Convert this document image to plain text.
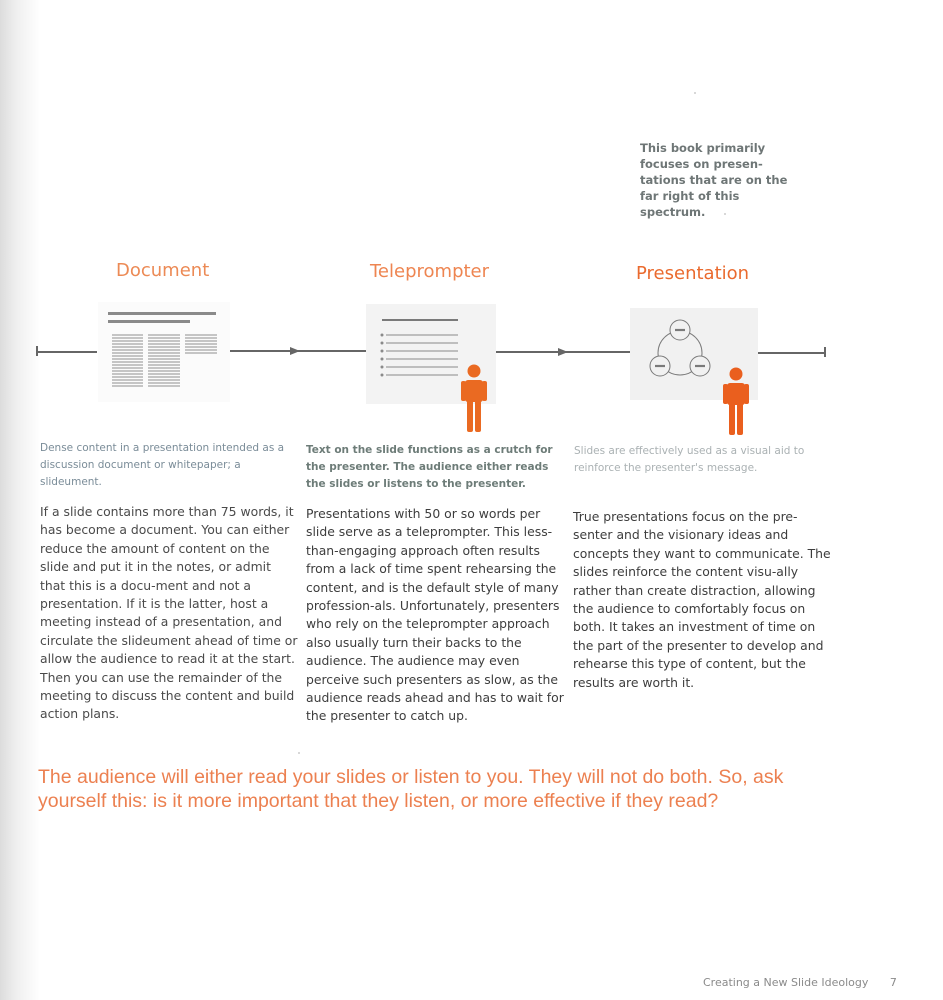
This book primarily focuses on presen-tations that are on the far right of this spectrum.
Document	Teleprompter	Presentation
Dense content in a presentation intended as a discussion document or whitepaper; a slideument.
Text on the slide functions as a crutch for the presenter. The audience either reads the slides or listens to the presenter.
Slides are effectively used as a visual aid to reinforce the presenter's message.
If a slide contains more than 75 words, it has become a document. You can either reduce the amount of content on the slide and put it in the notes, or admit that this is a docu-ment and not a presentation. If it is the latter, host a meeting instead of a presentation, and circulate the slideument ahead of time or allow the audience to read it at the start. Then you can use the remainder of the meeting to discuss the content and build action plans.
Presentations with 50 or so words per slide serve as a teleprompter. This less-than-engaging approach often results from a lack of time spent rehearsing the content, and is the default style of many profession-als. Unfortunately, presenters who rely on the teleprompter approach also usually turn their backs to the audience. The audience may even perceive such presenters as slow, as the audience reads ahead and has to wait for the presenter to catch up.
True presentations focus on the pre-senter and the visionary ideas and concepts they want to communicate. The slides reinforce the content visu-ally rather than create distraction, allowing the audience to comfortably focus on both. It takes an investment of time on the part of the presenter to develop and rehearse this type of content, but the results are worth it.
The audience will either read your slides or listen to you. They will not do both. So, ask yourself this: is it more important that they listen, or more effective if they read?
Creating a New Slide Ideology 7
